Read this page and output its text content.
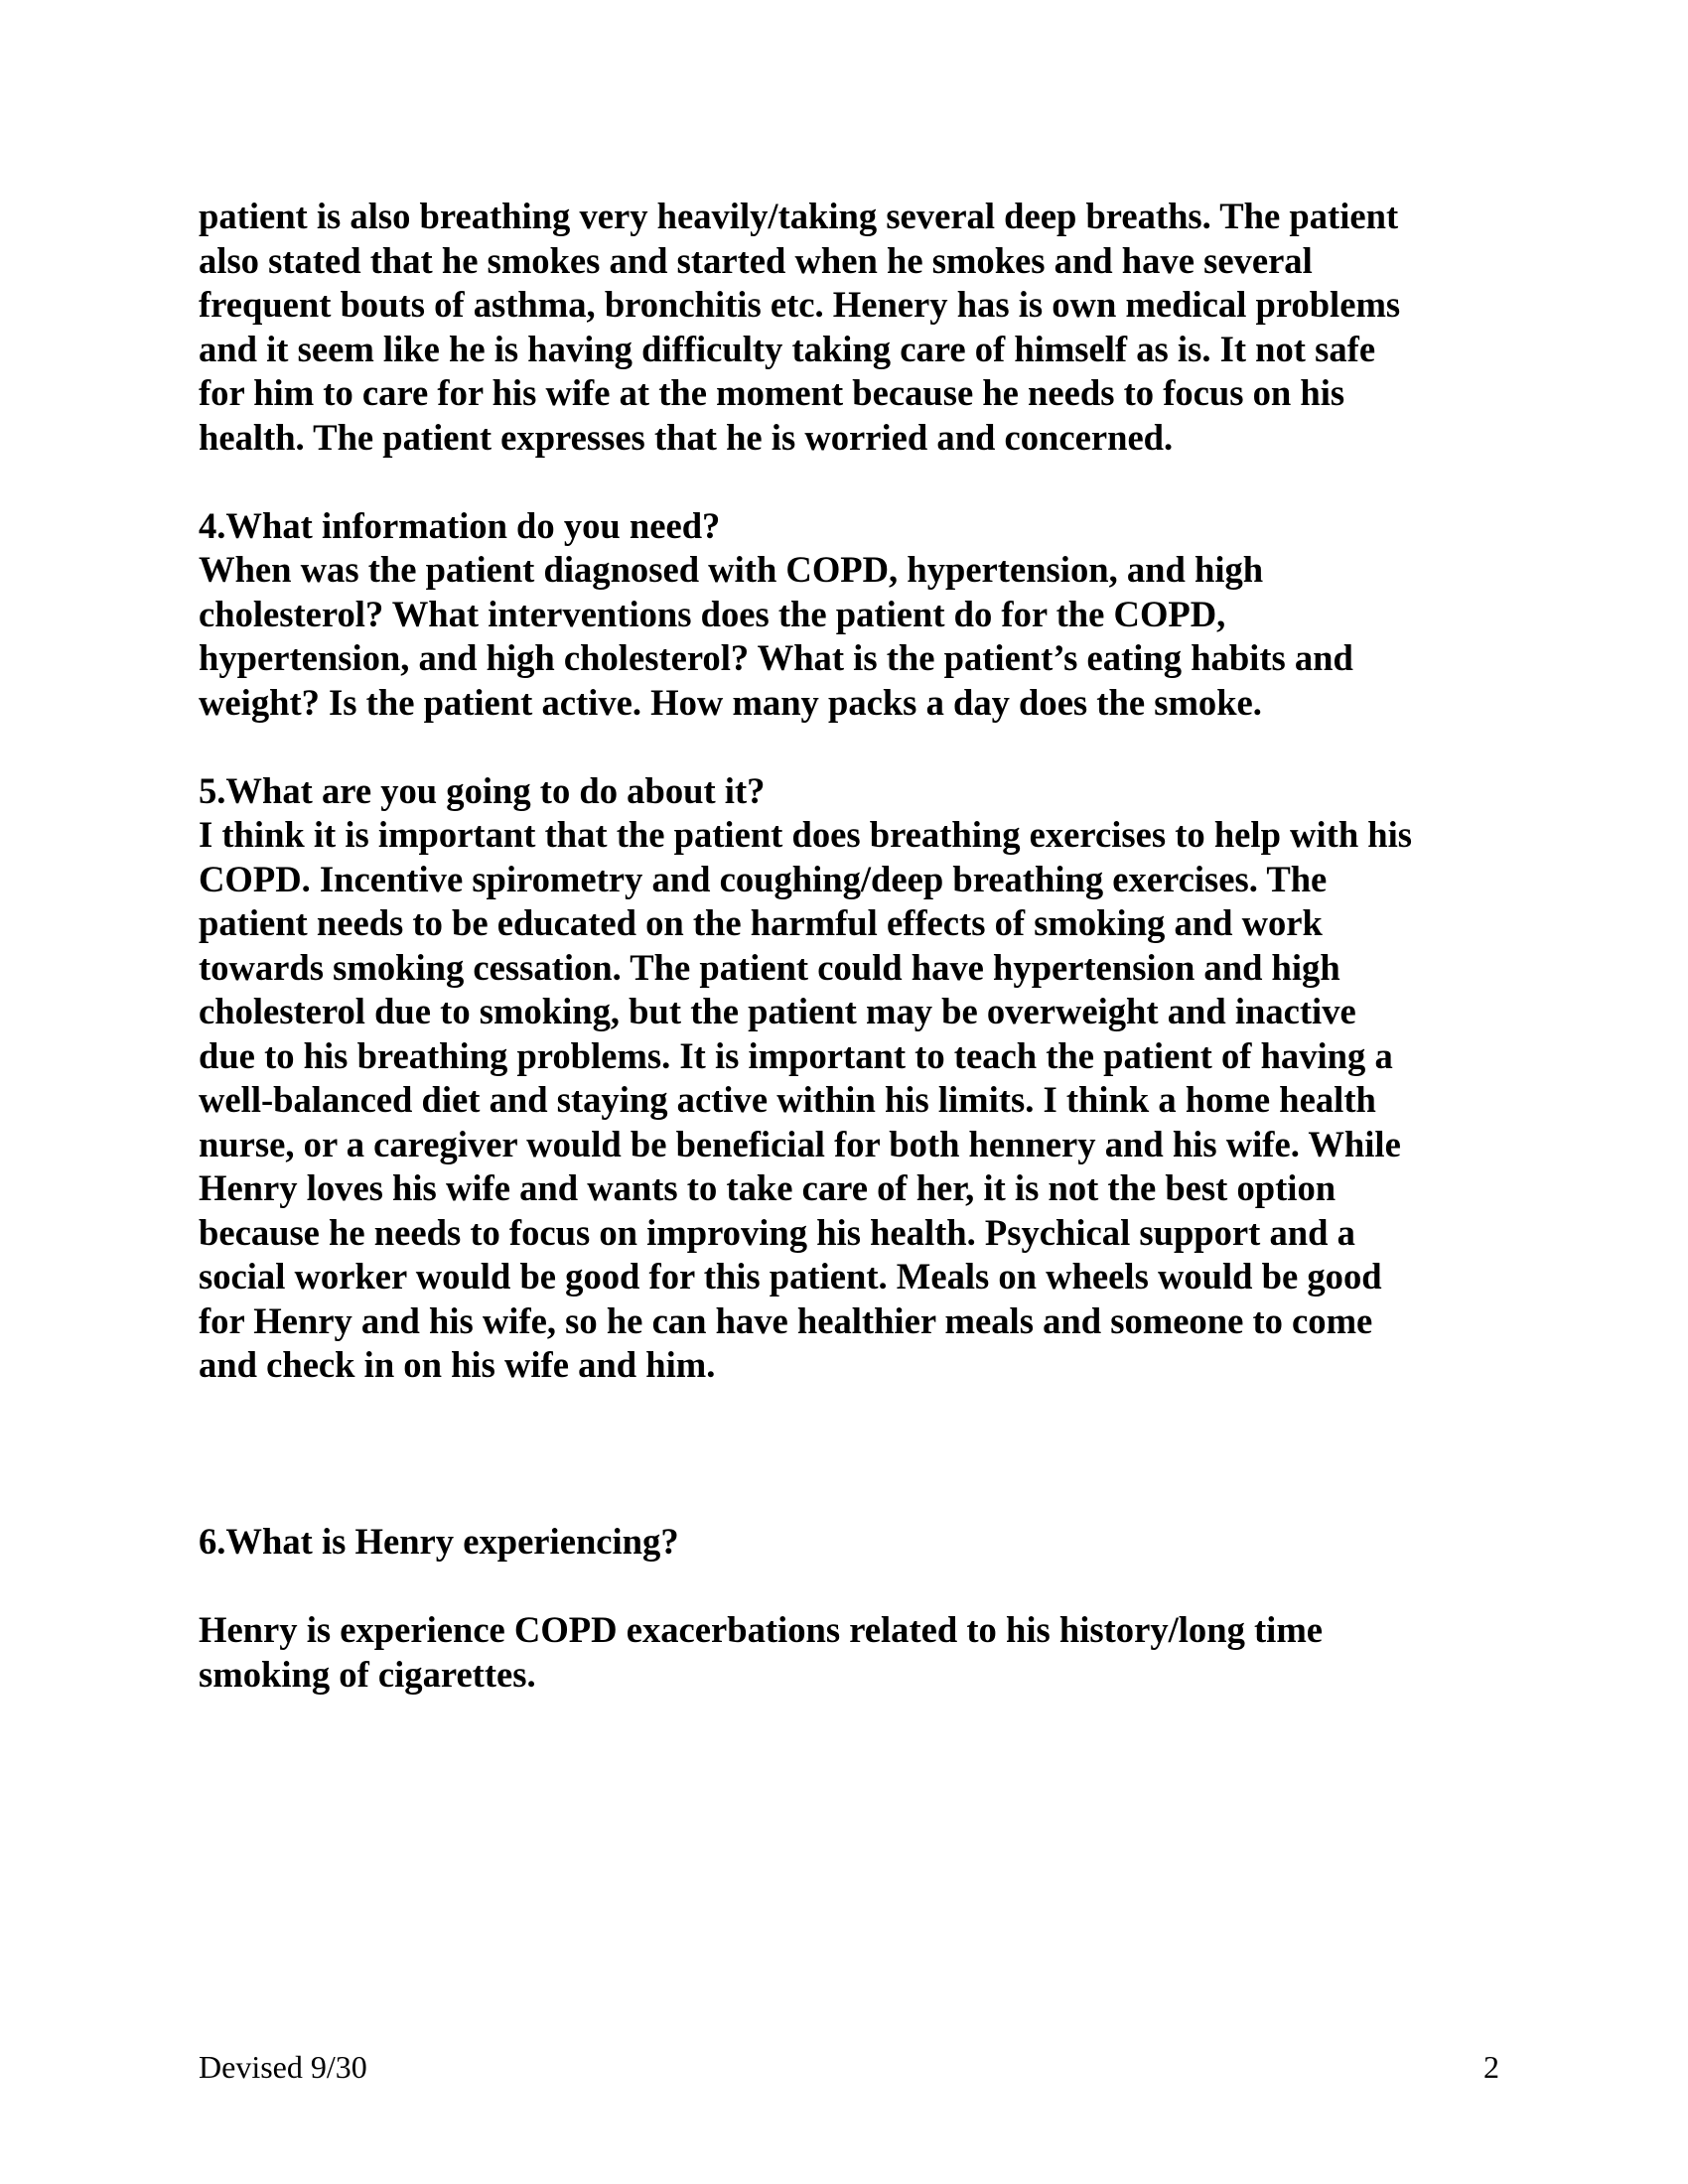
patient is also breathing very heavily/taking several deep breaths. The patient
also stated that he smokes and started when he smokes and have several
frequent bouts of asthma, bronchitis etc. Henery has is own medical problems
and it seem like he is having difficulty taking care of himself as is. It not safe
for him to care for his wife at the moment because he needs to focus on his
health. The patient expresses that he is worried and concerned.

4.What information do you need?

When was the patient diagnosed with COPD, hypertension, and high
cholesterol? What interventions does the patient do for the COPD,
hypertension, and high cholesterol? What is the patient’s eating habits and
weight? Is the patient active. How many packs a day does the smoke.

5.What are you going to do about it?

I think it is important that the patient does breathing exercises to help with his
COPD. Incentive spirometry and coughing/deep breathing exercises. The
patient needs to be educated on the harmful effects of smoking and work
towards smoking cessation. The patient could have hypertension and high
cholesterol due to smoking, but the patient may be overweight and inactive
due to his breathing problems. It is important to teach the patient of having a
well-balanced diet and staying active within his limits. I think a home health
nurse, or a caregiver would be beneficial for both hennery and his wife. While
Henry loves his wife and wants to take care of her, it is not the best option
because he needs to focus on improving his health. Psychical support and a
social worker would be good for this patient. Meals on wheels would be good
for Henry and his wife, so he can have healthier meals and someone to come
and check in on his wife and him.

6.What is Henry experiencing?

Henry is experience COPD exacerbations related to his history/long time
smoking of cigarettes.

Devised 9/30	2
